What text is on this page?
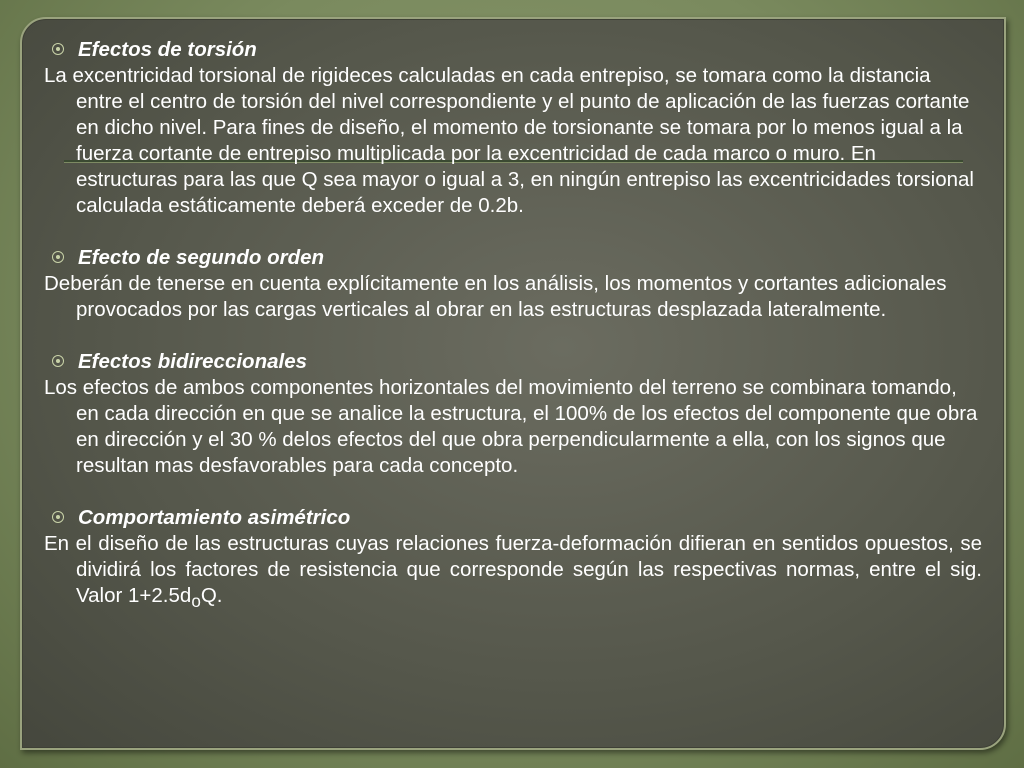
Efectos de torsión
La excentricidad torsional de rigideces calculadas en cada entrepiso, se tomara como la distancia entre el centro de torsión del nivel correspondiente y el punto de aplicación de las fuerzas cortante en dicho nivel. Para fines de diseño, el momento de torsionante se tomara por lo menos igual a la fuerza cortante de entrepiso multiplicada por la excentricidad de cada marco o muro. En estructuras para las que Q sea mayor o igual a 3, en ningún entrepiso las excentricidades torsional calculada estáticamente deberá exceder de 0.2b.
Efecto de segundo orden
Deberán de tenerse en cuenta explícitamente en los análisis, los momentos y cortantes adicionales provocados por las cargas verticales al obrar en las estructuras desplazada lateralmente.
Efectos bidireccionales
Los efectos de ambos componentes horizontales del movimiento del terreno se combinara tomando, en cada dirección en que se analice la estructura, el 100% de los efectos del componente que obra en dirección y el 30 % delos efectos del que obra perpendicularmente a ella, con los signos que resultan mas desfavorables para cada concepto.
Comportamiento asimétrico
En el diseño de las estructuras cuyas relaciones fuerza-deformación difieran en sentidos opuestos, se dividirá los factores de resistencia que corresponde según las respectivas normas, entre el sig. Valor $1+2.5d_oQ$.
